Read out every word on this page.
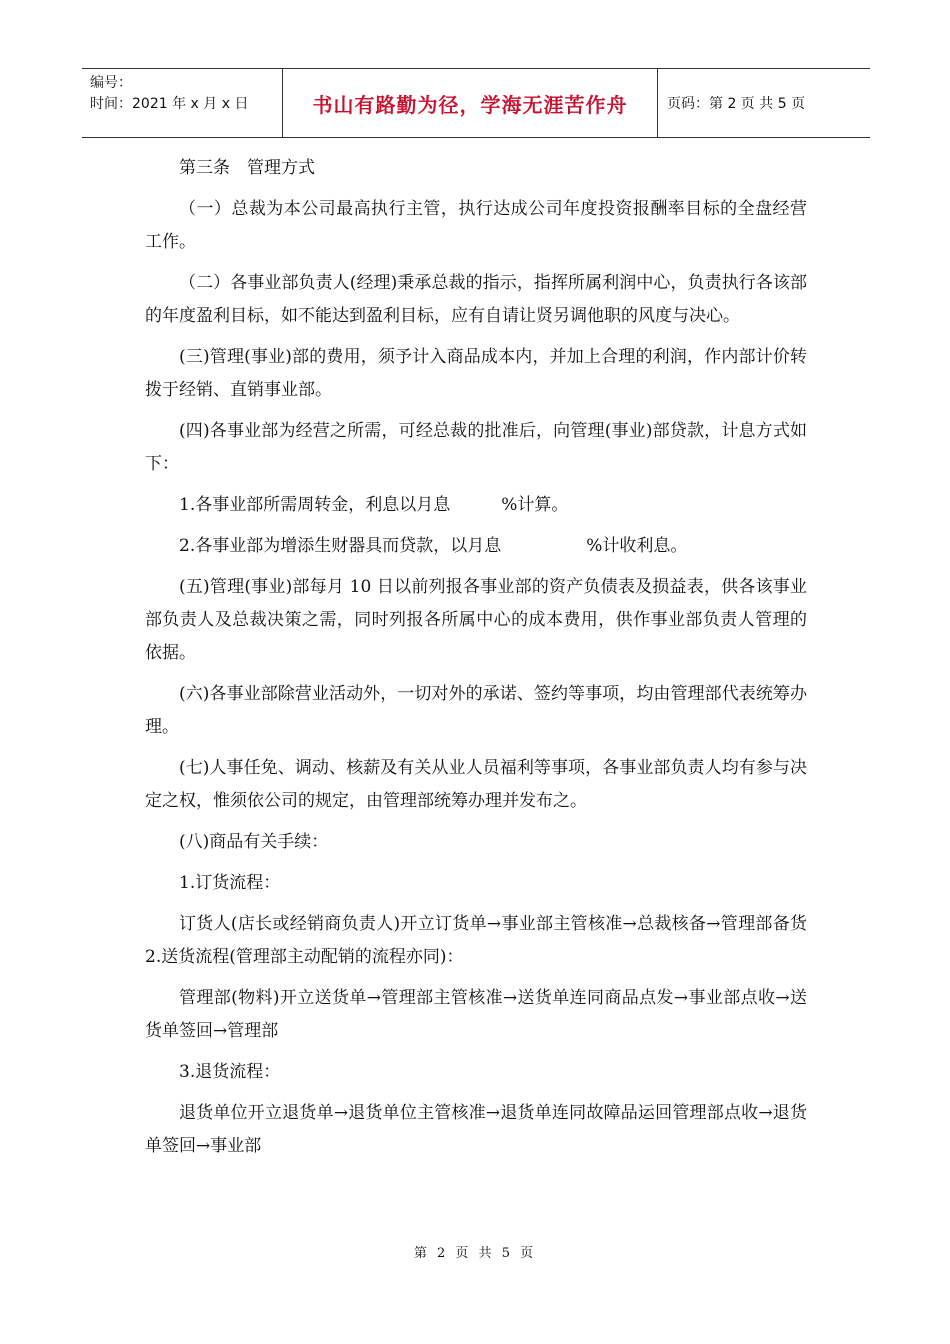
编号：
时间：2021 年 x 月 x 日	书山有路勤为径，学海无涯苦作舟	页码：第 2 页 共 5 页

第三条　管理方式

（一）总裁为本公司最高执行主管，执行达成公司年度投资报酬率目标的全盘经营工作。

（二）各事业部负责人(经理)秉承总裁的指示，指挥所属利润中心，负责执行各该部的年度盈利目标，如不能达到盈利目标，应有自请让贤另调他职的风度与决心。

(三)管理(事业)部的费用，须予计入商品成本内，并加上合理的利润，作内部计价转拨于经销、直销事业部。

(四)各事业部为经营之所需，可经总裁的批准后，向管理(事业)部贷款，计息方式如下：

1.各事业部所需周转金，利息以月息　　　%计算。

2.各事业部为增添生财器具而贷款，以月息　　　　　%计收利息。

(五)管理(事业)部每月 10 日以前列报各事业部的资产负债表及损益表，供各该事业部负责人及总裁决策之需，同时列报各所属中心的成本费用，供作事业部负责人管理的依据。

(六)各事业部除营业活动外，一切对外的承诺、签约等事项，均由管理部代表统筹办理。

(七)人事任免、调动、核薪及有关从业人员福利等事项，各事业部负责人均有参与决定之权，惟须依公司的规定，由管理部统筹办理并发布之。

(八)商品有关手续：

1.订货流程：

订货人(店长或经销商负责人)开立订货单→事业部主管核准→总裁核备→管理部备货　2.送货流程(管理部主动配销的流程亦同)：

管理部(物料)开立送货单→管理部主管核准→送货单连同商品点发→事业部点收→送货单签回→管理部

3.退货流程：

退货单位开立退货单→退货单位主管核准→退货单连同故障品运回管理部点收→退货单签回→事业部

第 2 页 共 5 页
